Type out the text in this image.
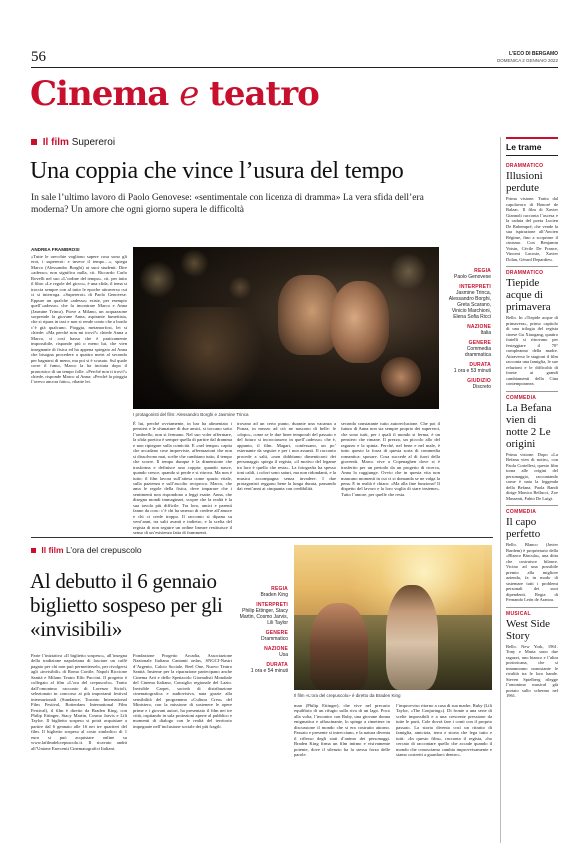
56	L'ECO DI BERGAMO
DOMENICA 2 GENNAIO 2022
Cinema e teatro
Il film Supereroi
Una coppia che vince l’usura del tempo
In sale l’ultimo lavoro di Paolo Genovese: «sentimentale con licenza di dramma» La vera sfida dell’era moderna? Un amore che ogni giorno supera le difficoltà
ANDREA FRAMBROSI
«Tutte le orecchie vogliono sapere cosa sono gli eroi, i supereroi: e invece il tempo…», spiega Marco (Alessandro Borghi) ai suoi studenti. Dire «adesso» non significa nulla, cit. Riccardo Carlo Rovelli nel suo «L’ordine del tempo», cit. per tutto il libro «Le regole del gioco», è una sfida, il tema si traccia sempre con al tutto le epoche attraverso cui ci si interroga. «Supereroi» di Paolo Genovese. Eppure un qualche «adesso» esiste, per esempio quell’«adesso» che fa incontrare Marco e Anna (Jasmine Trinca). Piove a Milano, un acquazzone sorprende la giovane Anna, aspirante fumettista, che si ripara in taxi e non si rende conto che a bordo c’è già qualcuno. Pioggia, metamorfosi, lei si chiede: «Ma perché non mi trovi?» chiede Anna a Marco, ci così bassa che è praticamente impossibile, risponde più o meno lui, che vien insegnante di fisica ed ha appena spiegato ad Anna che bisogna procedere a quattro metri al secondo per bagnarsi di meno, ma poi si è scusato. Sul quale corre il fumo, Marco la ha incitata dopo il pronostico di un tempo folle. «Perché non ti trovi?» chiede, risponde Marco al Anna: «Perché la pioggia l’avevo ancora fatto», ribatte lei.
I protagonisti del film: Alessandro Borghi e Jasmine Trinca
REGIA
Paolo Genovese
INTERPRETI
Jasmine Trinca, Alessandro Borghi, Greta Scarano, Vinicio Marchioni, Elena Sofia Ricci
NAZIONE
Italia
GENERE
Commedia drammatica
DURATA
1 ora e 53 minuti
GIUDIZIO
Discreto
È lui, perché ovviamente, in bar ha alimentato i pensieri e le sfumature di due amici, si toccano sotto l’ombrello, non si fermano. Nel suo voler affermare, la sfida poetica è sempre quella di partire dal dramma e non ripiegare sulla comicità. E «nel tempo» capita che accadano cose impreviste, affermazioni che non si dissolvono mai, scelte che cambiano tutto, il tempo che scorre. Il tempo dunque è la dimensione che trasforma e definisce una coppia: quando nasce, quando cresce, quando si perde e si ritrova. Ma non è tutto: il film lavora sull’attesa come spazio vitale, sulla pazienza e sull’ascolto reciproco. Marco, che ama le regole della fisica, deve imparare che i sentimenti non rispondono a leggi esatte. Anna, che disegna mondi immaginari, scopre che la realtà è la sua tavola più difficile. Tra loro, amici e parenti fanno da coro: c’è chi ha smesso di credere all’amore e chi ci crede troppo. Il racconto si dipana su vent’anni, tra salti avanti e indietro, e la scelta del regista di non seguire un ordine lineare restituisce il senso di un’esistenza fatta di frammenti.
trovano ad un certo punto, durante una vacanza a Ponza, in mezzo ad ciò ne nascono di belle: le «dopo», come se le due linee temporali del passato e del futuro si incrociassero in quell’«adesso» che è, appunto, il film. Magari, confessano, un po’ esternante da seguire e per i non assunti. Il racconto procede a salti, «non dobbiamo dimenticarci dei personaggi» spiega il regista, «il motivo del legame tra loro è quello che resta». La fotografia ha spesso toni caldi, i colori sono saturi, ma non ridondanti, e la musica accompagna senza invadere. I due protagonisti reggono bene la lunga durata, passando dai vent’anni ai cinquanta con credibilità.
seconda constatante tutto autoreclusione. Che poi il futuro di Anna non sia sempre proprio dei supereroi, che sono tutti, per i quali il mondo si ferma, è un pensiero che rimane. Il prezzo, un piccolo allo del ragazzo e la spinta. Perché, nel bene e nel male, è tutto questo la forza di questa sorta di commedia romantica: sposare. Cosa succede al di fuori della gioventù. Marco vive a Copenaghen dove si è trasferito per un periodo da un progetto di ricerca, Anna lo raggiunge. Ovvio che in questa vita non mancano momenti in cui ci si domanda se ne valga la pena. E in realtà è chiaro: «Ma alla fine funziona? Il dispetto del lavoro e la loro voglia di stare insieme». Tutto l’amore, per quelle che resta.
Il film L’ora del crepuscolo
Al debutto il 6 gennaio biglietto sospeso per gli «invisibili»
Parte l’iniziativa «Il biglietto sospeso», all’insegna della tradizione napoletana di lasciare un caffè pagato per chi non può permetterselo, per rivolgersi agli «invisibili» di Roma Cortile, Napoli Riccione Sanità e Milano Teatro Elfo Puccini. Il progetto è collegato al film «L’ora del crepuscolo». Tratto dall’omonimo racconto di Lorenzo Sicioli, selezionato in concorso ai più importanti festival internazionali (Sundance, Toronto International Film Festival, Rotterdam International Film Festival), il film è diretto da Braden King, con Philip Ettinger, Stacy Martin, Cosmo Jarvis e Lili Taylor. Il biglietto sospeso si potrà acquistare a partire dal 6 gennaio alle 16 nei tre quartieri del film. Il biglietto sospeso al costo simbolico di 1 euro si può acquistare online su www.lafilmdelcrepuscolo.it. Il ricavato andrà all’Unione Esercenti Cinematografici Italiani.
Fondazione Progetto Arcadia, Associazione Nazionale Italiana Cantanti onlus, SNGCI-Nastri d’Argento, Calcio Sociale, Reel One, Nuovo Teatro Sanità. Insieme per la riparazione partecipano anche Cinema Arti e dello Spettacolo Giornalisti Mondiale del Cinema Italiano, Consiglio regionale del Lazio. Invisible Carpet, società di distribuzione cinematografica e audiovisiva, nata grazie alla sensibilità del programma «Cultura Crea» del Ministero, con la missione di sostenere le opere prime e i giovani autori, ha presentato il film nei tre città, ospitando in sala proiezioni aperte al pubblico e momenti di dialogo con le realtà del territorio impegnate nell’inclusione sociale dei più fragili.
REGIA
Braden King
INTERPRETI
Philip Ettinger, Stacy Martin, Cosmo Jarvis, Lili Taylor
GENERE
Drammatico
NAZIONE
Usa
DURATA
1 ora e 54 minuti
Il film «L’ora del crepuscolo» è diretto da Braden King
man (Philip Ettinger), che vive nel precario equilibrio di un rifugio sulla riva di un lago. Poco alla volta, l’incontro con Ruby, una giovane donna enigmatica e affascinante, lo spinge a rimettere in discussione il mondo che si era costruito attorno. Passato e presente si intrecciano, e la natura diventa il riflesso degli stati d’animo dei personaggi. Braden King firma un film intimo e visivamente potente, dove il silenzio ha la stessa forza delle parole.
l’improvviso ritorno a casa di sua madre, Ruby (Lili Taylor, «The Conjuring»). Di fronte a una serie di scelte impossibili e a una crescente pressione da tutte le parti, Cole dovrà fare i conti con il proprio passato. La storia diventa così un ritratto di famiglia, amicizia, terra e storia che lega tutto e tutti: «In questo film», racconta il regista, «ho cercato di raccontare quello che accade quando il mondo che conosciamo cambia improvvisamente e siamo costretti a guardarci dentro».
Le trame
DRAMMATICO
Illusioni perdute
Prima visione. Tratto dal capolavoro di Honoré de Balzac. Il film di Xavier Giannoli racconta l’ascesa e la caduta del poeta Lucien De Rubempré, che vende la sua ispirazione all’Ancien Régime, fino a scoprirne il cinismo. Con Benjamin Voisin, Cécile De France, Vincent Lacoste, Xavier Dolan, Gérard Depardieu.
DRAMMATICO
Tiepide acque di primavera
Bello. In «Tiepide acque di primavera», primo capitolo di una trilogia del regista cinese Gu Xiaogang, quattro fratelli si ritrovano per festeggiare il 70° compleanno della madre. Attraverso le stagioni il film racconta una famiglia, le sue relazioni e le difficoltà di fronte ai grandi cambiamenti della Cina contemporanea.
COMMEDIA
La Befana vien di notte 2 Le origini
Prima visione. Dopo «La Befana vien di notte», con Paola Cortellesi, questo film torna alle origini del personaggio, raccontando come è nata la leggenda della Befana. Paola Randi dirige Monica Bellucci, Zoe Massenti, Fabio De Luigi.
COMMEDIA
Il capo perfetto
Bello. Blanco (Javier Bardem) è proprietario della «Blanco Báscula», una ditta che costruisce bilance. Vicino ad una possibile premio alla migliore azienda, fa in modo di sistemare tutti i problemi personali dei suoi dipendenti. Regia di Fernando León de Aranoa.
MUSICAL
West Side Story
Bello. New York, 1961. Tony e Maria sono due ragazzi, uno bianco e l’altra portoricana, che si innamorano nonostante le rivalità tra le loro bande. Steven Spielberg rilegge l’omonimo musical già portato sullo schermo nel 1961.
